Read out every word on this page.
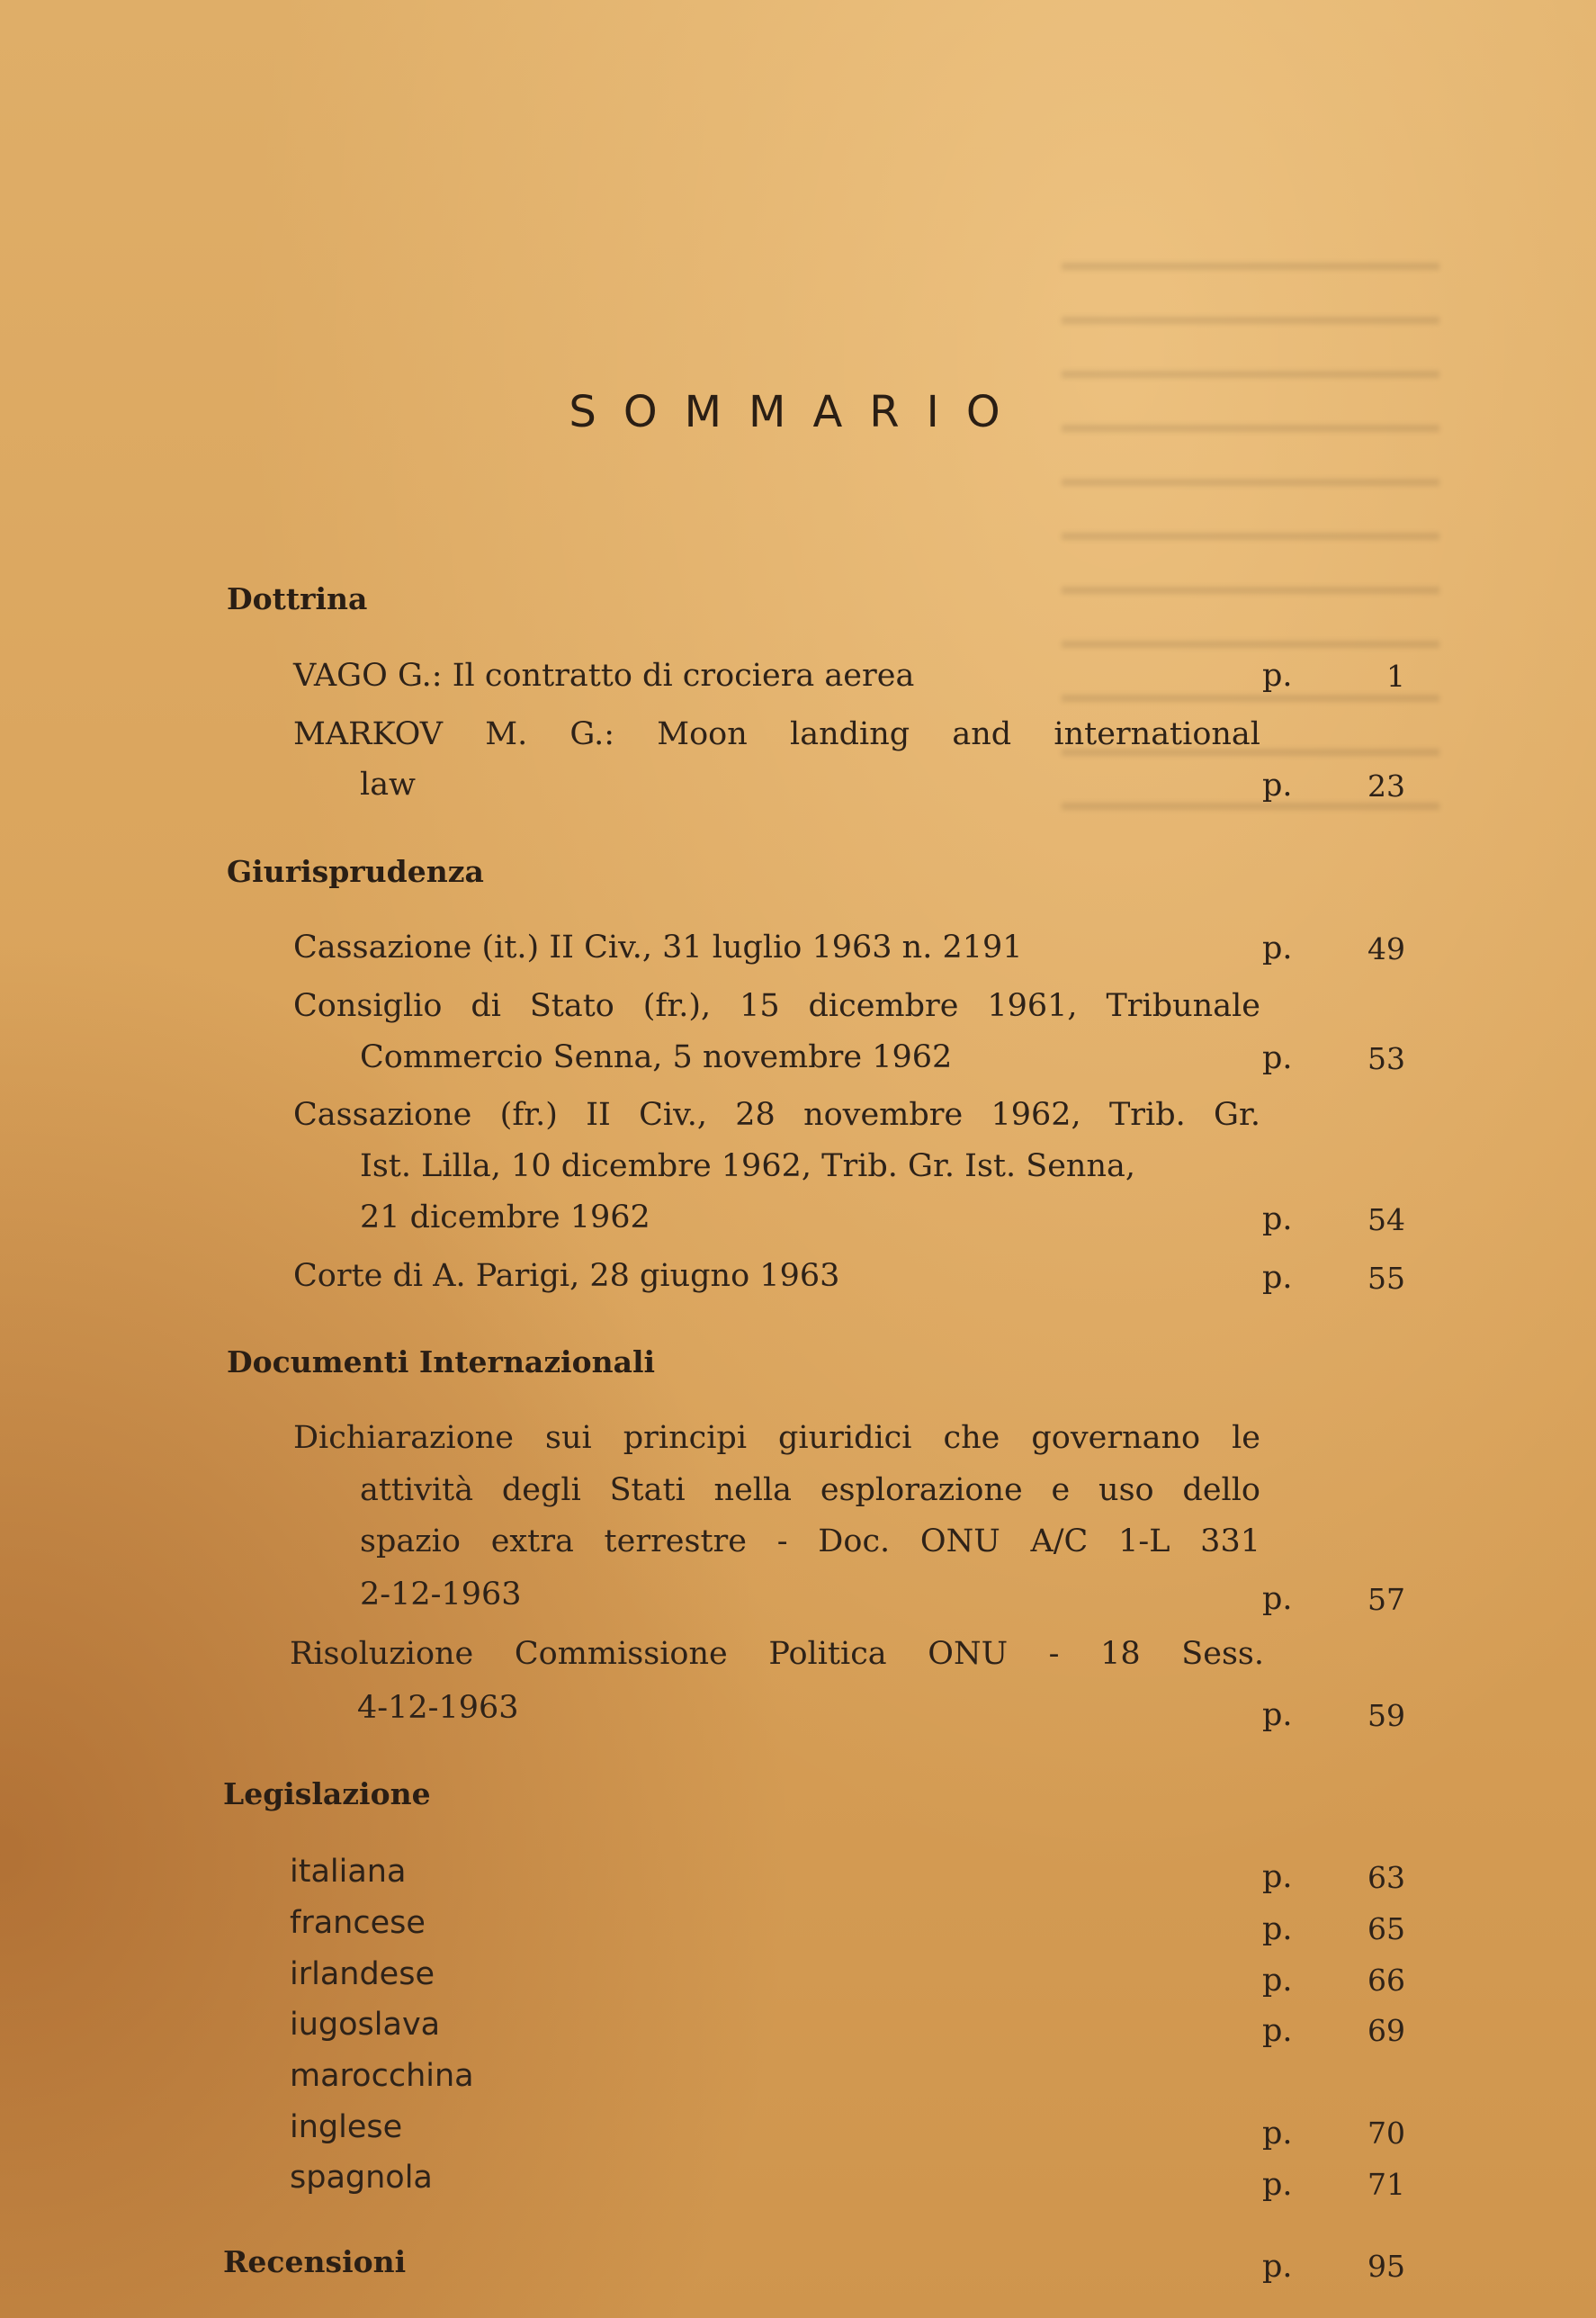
SOMMARIO
Dottrina
VAGO G.: Il contratto di crociera aerea	p.	1
MARKOV M. G.: Moon landing and international
law	p.	23
Giurisprudenza
Cassazione (it.) II Civ., 31 luglio 1963 n. 2191	p.	49
Consiglio di Stato (fr.), 15 dicembre 1961, Tribunale
Commercio Senna, 5 novembre 1962	p.	53
Cassazione (fr.) II Civ., 28 novembre 1962, Trib. Gr.
Ist. Lilla, 10 dicembre 1962, Trib. Gr. Ist. Senna,
21 dicembre 1962	p.	54
Corte di A. Parigi, 28 giugno 1963	p.	55
Documenti Internazionali
Dichiarazione sui principi giuridici che governano le
attività degli Stati nella esplorazione e uso dello
spazio extra terrestre - Doc. ONU A/C 1-L 331
2-12-1963	p.	57
Risoluzione Commissione Politica ONU - 18 Sess.
4-12-1963	p.	59
Legislazione
italiana	p.	63
francese	p.	65
irlandese	p.	66
iugoslava	p.	69
marocchina
inglese	p.	70
spagnola	p.	71
Recensioni	p.	95
